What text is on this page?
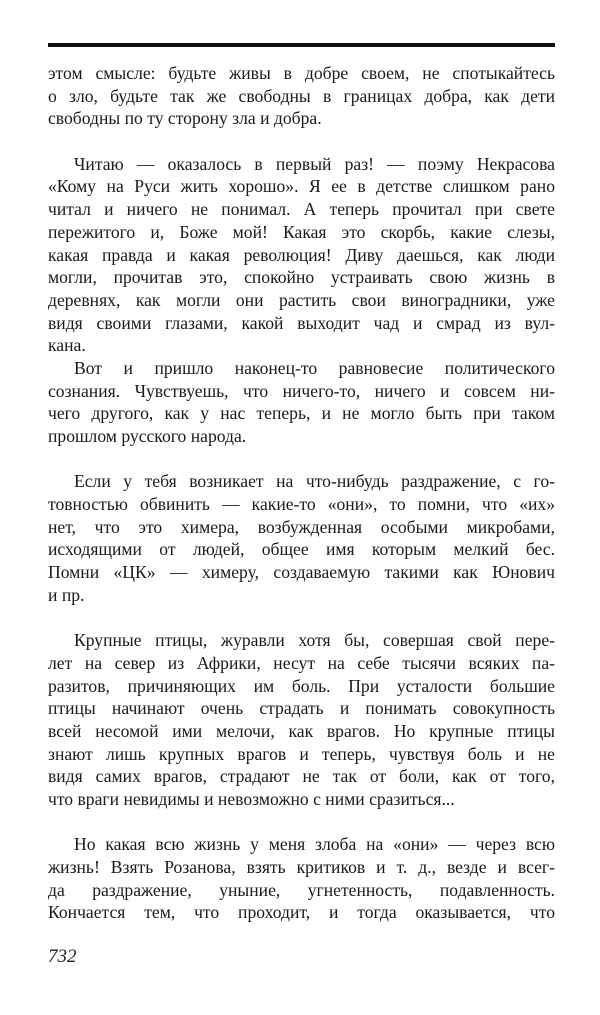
этом смысле: будьте живы в добре своем, не спотыкайтесь
о зло, будьте так же свободны в границах добра, как дети
свободны по ту сторону зла и добра.
Читаю — оказалось в первый раз! — поэму Некрасова
«Кому на Руси жить хорошо». Я ее в детстве слишком рано
читал и ничего не понимал. А теперь прочитал при свете
пережитого и, Боже мой! Какая это скорбь, какие слезы,
какая правда и какая революция! Диву даешься, как люди
могли, прочитав это, спокойно устраивать свою жизнь в
деревнях, как могли они растить свои виноградники, уже
видя своими глазами, какой выходит чад и смрад из вул-
кана.
Вот и пришло наконец-то равновесие политического
сознания. Чувствуешь, что ничего-то, ничего и совсем ни-
чего другого, как у нас теперь, и не могло быть при таком
прошлом русского народа.
Если у тебя возникает на что-нибудь раздражение, с го-
товностью обвинить — какие-то «они», то помни, что «их»
нет, что это химера, возбужденная особыми микробами,
исходящими от людей, общее имя которым мелкий бес.
Помни «ЦК» — химеру, создаваемую такими как Юнович
и пр.
Крупные птицы, журавли хотя бы, совершая свой пере-
лет на север из Африки, несут на себе тысячи всяких па-
разитов, причиняющих им боль. При усталости большие
птицы начинают очень страдать и понимать совокупность
всей несомой ими мелочи, как врагов. Но крупные птицы
знают лишь крупных врагов и теперь, чувствуя боль и не
видя самих врагов, страдают не так от боли, как от того,
что враги невидимы и невозможно с ними сразиться...
Но какая всю жизнь у меня злоба на «они» — через всю
жизнь! Взять Розанова, взять критиков и т. д., везде и всег-
да раздражение, уныние, угнетенность, подавленность.
Кончается тем, что проходит, и тогда оказывается, что
732
